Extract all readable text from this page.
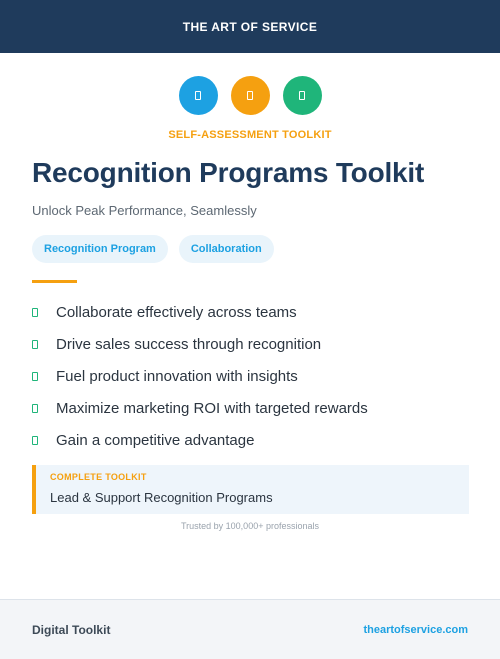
THE ART OF SERVICE
SELF-ASSESSMENT TOOLKIT
Recognition Programs Toolkit

Unlock Peak Performance, Seamlessly

Recognition Program	Collaboration
Collaborate effectively across teams
Drive sales success through recognition
Fuel product innovation with insights
Maximize marketing ROI with targeted rewards
Gain a competitive advantage
COMPLETE TOOLKIT
Lead & Support Recognition Programs
Trusted by 100,000+ professionals
Digital Toolkit	theartofservice.com
